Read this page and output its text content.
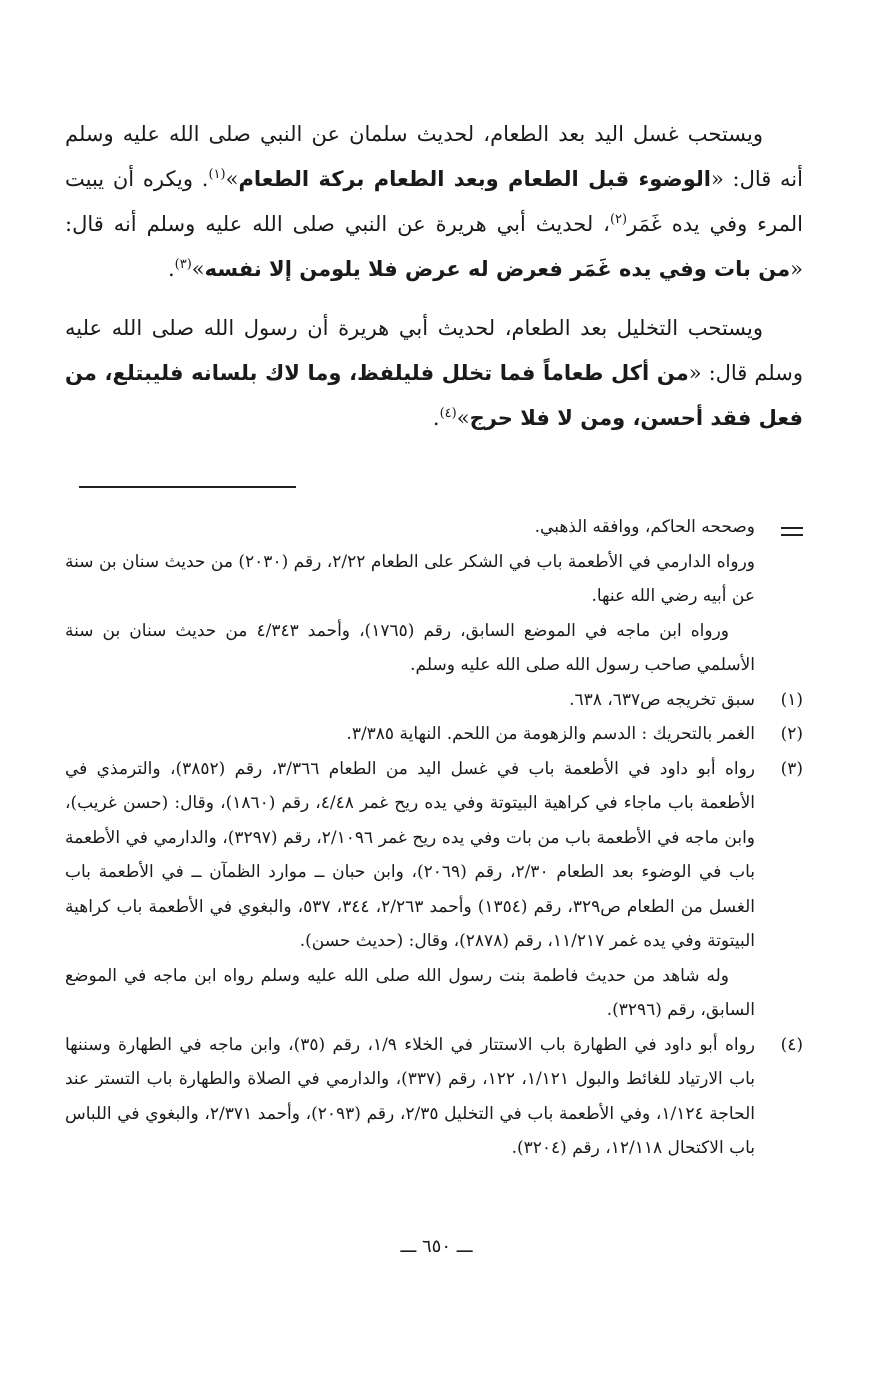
ويستحب غسل اليد بعد الطعام، لحديث سلمان عن النبي صلى الله عليه وسلم أنه قال: «الوضوء قبل الطعام وبعد الطعام بركة الطعام»$^{(١)}$. ويكره أن يبيت المرء وفي يده غَمَر$^{(٢)}$، لحديث أبي هريرة عن النبي صلى الله عليه وسلم أنه قال: «من بات وفي يده غَمَر فعرض له عرض فلا يلومن إلا نفسه»$^{(٣)}$.

ويستحب التخليل بعد الطعام، لحديث أبي هريرة أن رسول الله صلى الله عليه وسلم قال: «من أكل طعاماً فما تخلل فليلفظ، وما لاك بلسانه فليبتلع، من فعل فقد أحسن، ومن لا فلا حرج»$^{(٤)}$.

وصححه الحاكم، ووافقه الذهبي.
ورواه الدارمي في الأطعمة باب في الشكر على الطعام ٢/٢٢، رقم (٢٠٣٠) من حديث سنان بن سنة عن أبيه رضي الله عنها.
ورواه ابن ماجه في الموضع السابق، رقم (١٧٦٥)، وأحمد ٤/٣٤٣ من حديث سنان بن سنة الأسلمي صاحب رسول الله صلى الله عليه وسلم.
(١)
سبق تخريجه ص٦٣٧، ٦٣٨.
(٢)
الغمر بالتحريك : الدسم والزهومة من اللحم. النهاية ٣/٣٨٥.
(٣)
رواه أبو داود في الأطعمة باب في غسل اليد من الطعام ٣/٣٦٦، رقم (٣٨٥٢)، والترمذي في الأطعمة باب ماجاء في كراهية البيتوتة وفي يده ريح غمر ٤/٤٨، رقم (١٨٦٠)، وقال: (حسن غريب)، وابن ماجه في الأطعمة باب من بات وفي يده ريح غمر ٢/١٠٩٦، رقم (٣٢٩٧)، والدارمي في الأطعمة باب في الوضوء بعد الطعام ٢/٣٠، رقم (٢٠٦٩)، وابن حبان ــ موارد الظمآن ــ في الأطعمة باب الغسل من الطعام ص٣٢٩، رقم (١٣٥٤) وأحمد ٢/٢٦٣، ٣٤٤، ٥٣٧، والبغوي في الأطعمة باب كراهية البيتوتة وفي يده غمر ١١/٢١٧، رقم (٢٨٧٨)، وقال: (حديث حسن).
وله شاهد من حديث فاطمة بنت رسول الله صلى الله عليه وسلم رواه ابن ماجه في الموضع السابق، رقم (٣٢٩٦).
(٤)
رواه أبو داود في الطهارة باب الاستتار في الخلاء ١/٩، رقم (٣٥)، وابن ماجه في الطهارة وسننها باب الارتياد للغائط والبول ١/١٢١، ١٢٢، رقم (٣٣٧)، والدارمي في الصلاة والطهارة باب التستر عند الحاجة ١/١٢٤، وفي الأطعمة باب في التخليل ٢/٣٥، رقم (٢٠٩٣)، وأحمد ٢/٣٧١، والبغوي في اللباس باب الاكتحال ١٢/١١٨، رقم (٣٢٠٤).
ـــ ٦٥٠ ـــ
